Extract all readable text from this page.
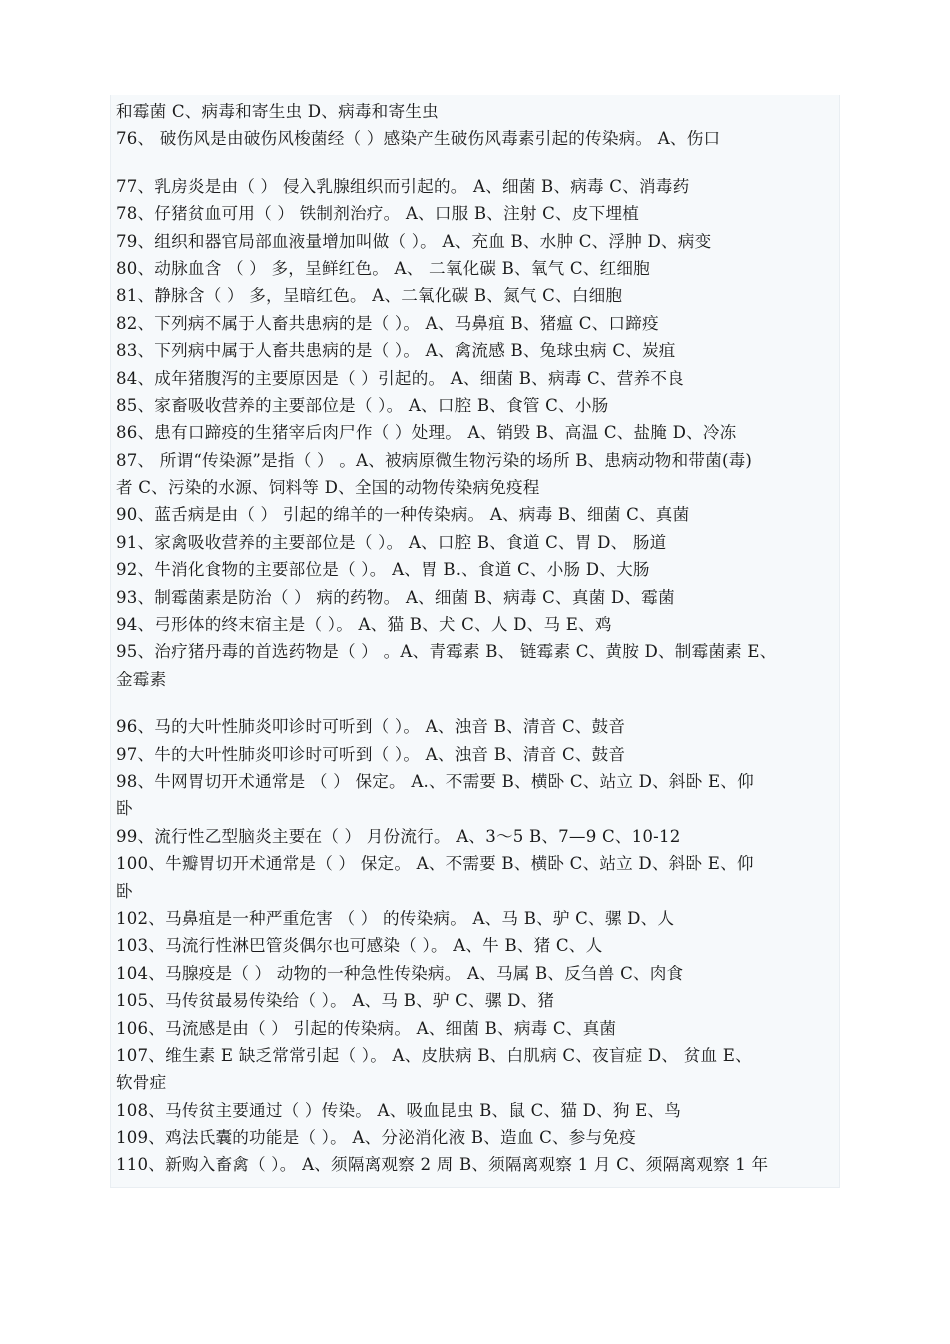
和霉菌 C、病毒和寄生虫 D、病毒和寄生虫
76、 破伤风是由破伤风梭菌经（ ）感染产生破伤风毒素引起的传染病。 A、伤口
77、乳房炎是由（ ） 侵入乳腺组织而引起的。 A、细菌 B、病毒 C、消毒药
78、仔猪贫血可用（ ） 铁制剂治疗。 A、口服 B、注射 C、皮下埋植
79、组织和器官局部血液量增加叫做（ ）。 A、充血 B、水肿 C、浮肿 D、病变
80、动脉血含 （ ） 多，呈鲜红色。 A、 二氧化碳 B、氧气 C、红细胞
81、静脉含（ ） 多，呈暗红色。 A、二氧化碳 B、氮气 C、白细胞
82、下列病不属于人畜共患病的是（ ）。 A、马鼻疽 B、猪瘟 C、口蹄疫
83、下列病中属于人畜共患病的是（ ）。 A、禽流感 B、兔球虫病 C、炭疽
84、成年猪腹泻的主要原因是（ ）引起的。 A、细菌 B、病毒 C、营养不良
85、家畜吸收营养的主要部位是（ ）。 A、口腔 B、食管 C、小肠
86、患有口蹄疫的生猪宰后肉尸作（ ）处理。 A、销毁 B、高温 C、盐腌 D、冷冻
87、 所谓“传染源”是指（ ） 。A、被病原微生物污染的场所 B、患病动物和带菌(毒)
者 C、污染的水源、饲料等 D、全国的动物传染病免疫程
90、蓝舌病是由（ ） 引起的绵羊的一种传染病。 A、病毒 B、细菌 C、真菌
91、家禽吸收营养的主要部位是（ ）。 A、口腔 B、食道 C、胃 D、 肠道
92、牛消化食物的主要部位是（ ）。 A、胃 B.、食道 C、小肠 D、大肠
93、制霉菌素是防治（ ） 病的药物。 A、细菌 B、病毒 C、真菌 D、霉菌
94、弓形体的终末宿主是（ ）。 A、猫 B、犬 C、人 D、马 E、鸡
95、治疗猪丹毒的首选药物是（ ） 。A、青霉素 B、 链霉素 C、黄胺 D、制霉菌素 E、
金霉素
96、马的大叶性肺炎叩诊时可听到（ ）。 A、浊音 B、清音 C、鼓音
97、牛的大叶性肺炎叩诊时可听到（ ）。 A、浊音 B、清音 C、鼓音
98、牛网胃切开术通常是 （ ） 保定。 A.、不需要 B、横卧 C、站立 D、斜卧 E、仰
卧
99、流行性乙型脑炎主要在（ ） 月份流行。 A、3～5 B、7—9 C、10-12
100、牛瓣胃切开术通常是（ ） 保定。 A、不需要 B、横卧 C、站立 D、斜卧 E、仰
卧
102、马鼻疽是一种严重危害 （ ） 的传染病。 A、马 B、驴 C、骡 D、人
103、马流行性淋巴管炎偶尔也可感染（ ）。 A、牛 B、猪 C、人
104、马腺疫是（ ） 动物的一种急性传染病。 A、马属 B、反刍兽 C、肉食
105、马传贫最易传染给（ ）。 A、马 B、驴 C、骡 D、猪
106、马流感是由（ ） 引起的传染病。 A、细菌 B、病毒 C、真菌
107、维生素 E 缺乏常常引起（ ）。 A、皮肤病 B、白肌病 C、夜盲症 D、 贫血 E、
软骨症
108、马传贫主要通过（ ）传染。 A、吸血昆虫 B、鼠 C、猫 D、狗 E、鸟
109、鸡法氏囊的功能是（ ）。 A、分泌消化液 B、造血 C、参与免疫
110、新购入畜禽（ ）。 A、须隔离观察 2 周 B、须隔离观察 1 月 C、须隔离观察 1 年
